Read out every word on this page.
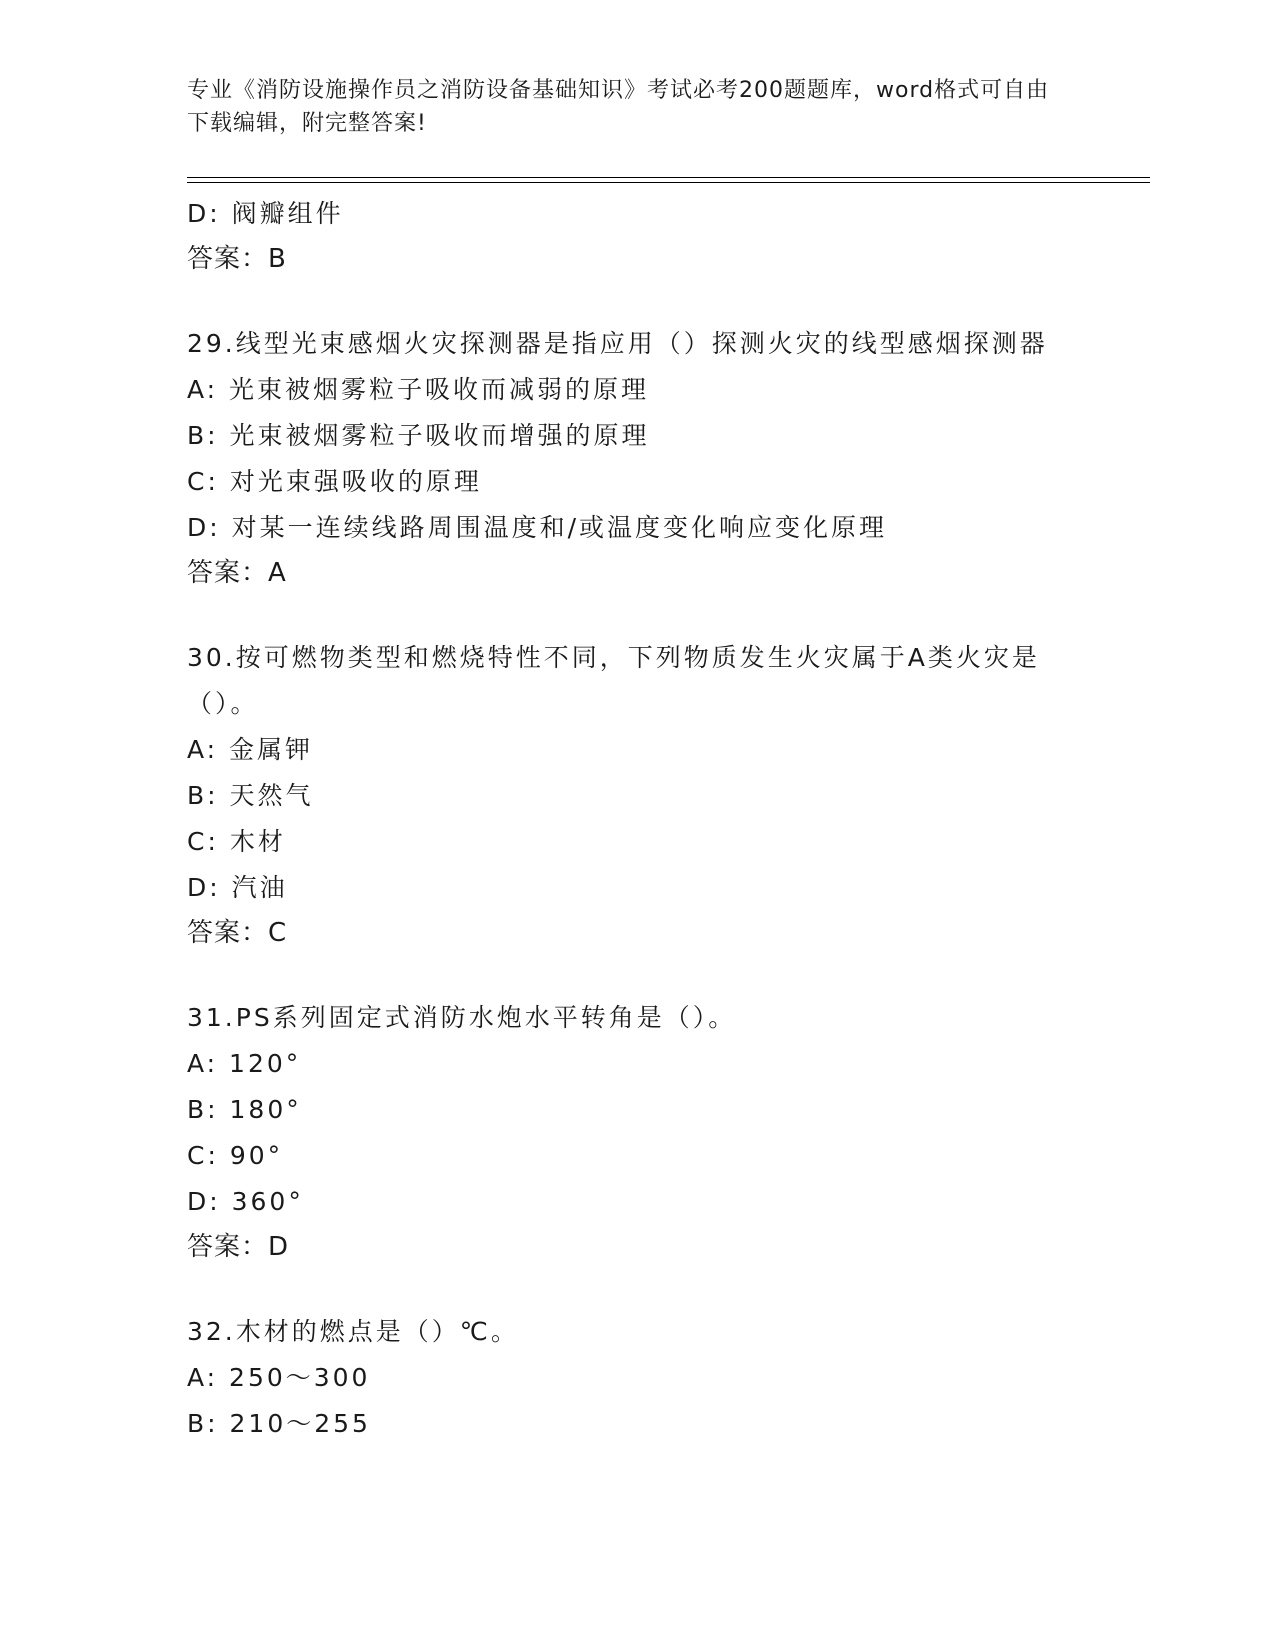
专业《消防设施操作员之消防设备基础知识》考试必考200题题库，word格式可自由下载编辑，附完整答案!
D: 阀瓣组件
答案：B
29.线型光束感烟火灾探测器是指应用（）探测火灾的线型感烟探测器
A: 光束被烟雾粒子吸收而减弱的原理
B: 光束被烟雾粒子吸收而增强的原理
C: 对光束强吸收的原理
D: 对某一连续线路周围温度和/或温度变化响应变化原理
答案：A
30.按可燃物类型和燃烧特性不同，下列物质发生火灾属于A类火灾是（）。
A: 金属钾
B: 天然气
C: 木材
D: 汽油
答案：C
31.PS系列固定式消防水炮水平转角是（）。
A: 120°
B: 180°
C: 90°
D: 360°
答案：D
32.木材的燃点是（）℃。
A: 250～300
B: 210～255
